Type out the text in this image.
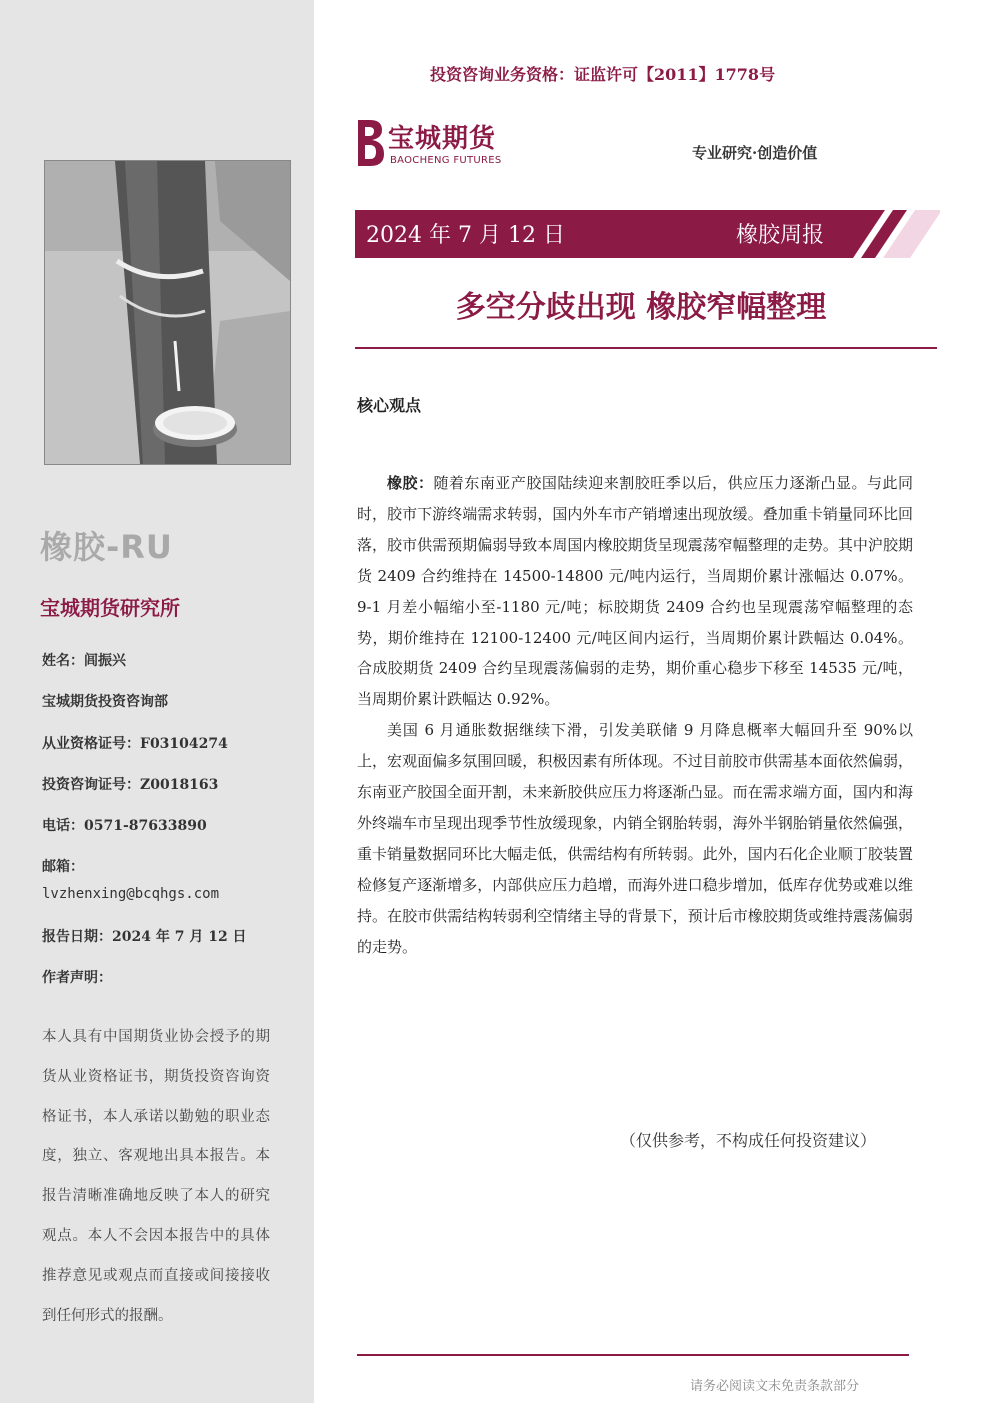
橡胶-RU
宝城期货研究所
姓名：闾振兴
宝城期货投资咨询部
从业资格证号：F03104274
投资咨询证号：Z0018163
电话：0571-87633890
邮箱：
lvzhenxing@bcqhgs.com
报告日期：2024 年 7 月 12 日
作者声明：
本人具有中国期货业协会授予的期货从业资格证书，期货投资咨询资格证书，本人承诺以勤勉的职业态度，独立、客观地出具本报告。本报告清晰准确地反映了本人的研究观点。本人不会因本报告中的具体推荐意见或观点而直接或间接接收到任何形式的报酬。
投资咨询业务资格：证监许可【2011】1778号
宝城期货
BAOCHENG FUTURES	专业研究·创造价值
2024 年 7 月 12 日	橡胶周报
多空分歧出现 橡胶窄幅整理
核心观点

橡胶：随着东南亚产胶国陆续迎来割胶旺季以后，供应压力逐渐凸显。与此同时，胶市下游终端需求转弱，国内外车市产销增速出现放缓。叠加重卡销量同环比回落，胶市供需预期偏弱导致本周国内橡胶期货呈现震荡窄幅整理的走势。其中沪胶期货 2409 合约维持在 14500-14800 元/吨内运行，当周期价累计涨幅达 0.07%。9-1 月差小幅缩小至-1180 元/吨；标胶期货 2409 合约也呈现震荡窄幅整理的态势，期价维持在 12100-12400 元/吨区间内运行，当周期价累计跌幅达 0.04%。合成胶期货 2409 合约呈现震荡偏弱的走势，期价重心稳步下移至 14535 元/吨，当周期价累计跌幅达 0.92%。

美国 6 月通胀数据继续下滑，引发美联储 9 月降息概率大幅回升至 90%以上，宏观面偏多氛围回暖，积极因素有所体现。不过目前胶市供需基本面依然偏弱，东南亚产胶国全面开割，未来新胶供应压力将逐渐凸显。而在需求端方面，国内和海外终端车市呈现出现季节性放缓现象，内销全钢胎转弱，海外半钢胎销量依然偏强，重卡销量数据同环比大幅走低，供需结构有所转弱。此外，国内石化企业顺丁胶装置检修复产逐渐增多，内部供应压力趋增，而海外进口稳步增加，低库存优势或难以维持。在胶市供需结构转弱利空情绪主导的背景下，预计后市橡胶期货或维持震荡偏弱的走势。

（仅供参考，不构成任何投资建议）
请务必阅读文末免责条款部分
